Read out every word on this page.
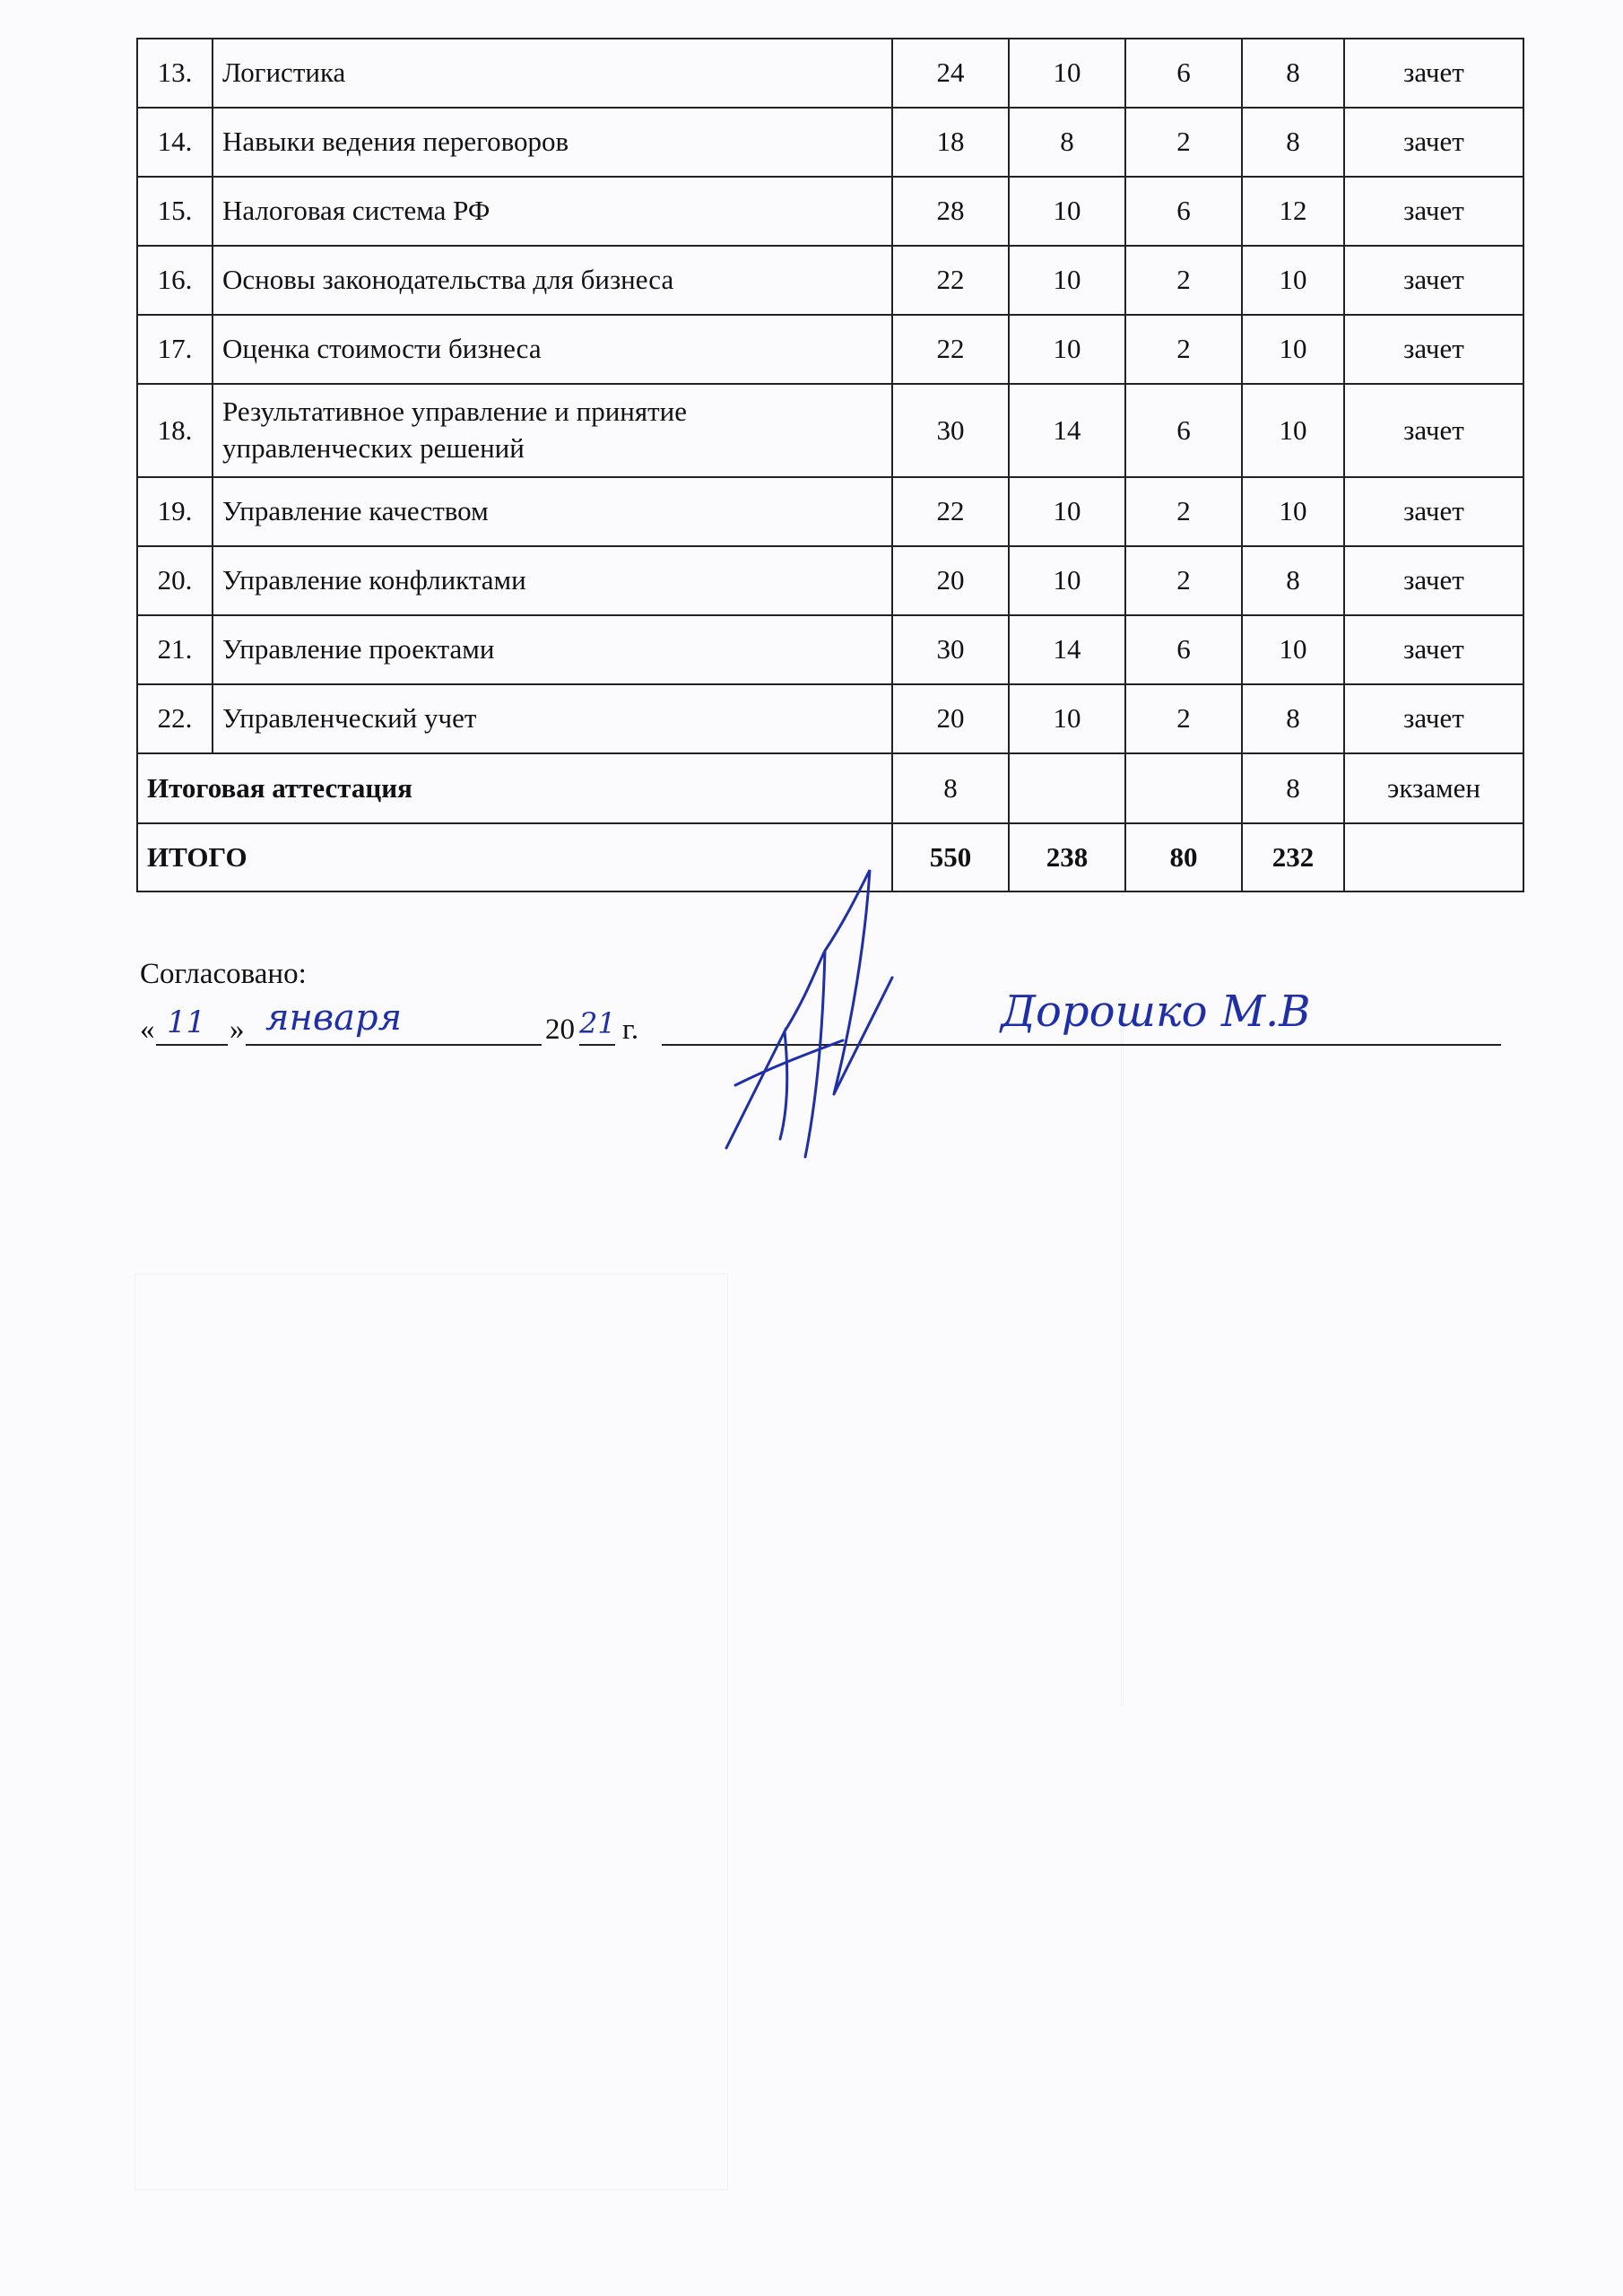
13.	Логистика	24	10	6	8	зачет
14.	Навыки ведения переговоров	18	8	2	8	зачет
15.	Налоговая система РФ	28	10	6	12	зачет
16.	Основы законодательства для бизнеса	22	10	2	10	зачет
17.	Оценка стоимости бизнеса	22	10	2	10	зачет
18.	Результативное управление и принятие управленческих решений	30	14	6	10	зачет
19.	Управление качеством	22	10	2	10	зачет
20.	Управление конфликтами	20	10	2	8	зачет
21.	Управление проектами	30	14	6	10	зачет
22.	Управленческий учет	20	10	2	8	зачет
Итоговая аттестация		8			8	экзамен
ИТОГО		550	238	80	232	
Согласовано:
« 11 » января	20 21 г.	Дорошко М.В
